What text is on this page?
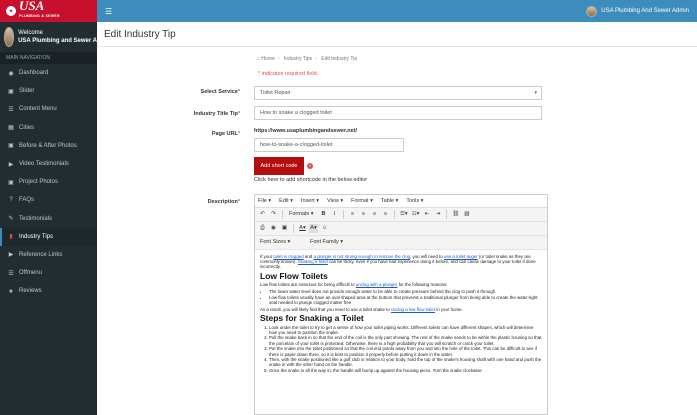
✦ USA
PLUMBING & SEWER
Welcome
USA Plumbing and Sewer A
MAIN NAVIGATION
◉ Dashboard
▣ Slider
☰ Content Menu
▦ Cities
▣ Before & After Photos
▶ Video Testimonials
▣ Project Photos
?	FAQs
✎ Testimonials
▮	Industry Tips
▶ Reference Links
☰ Offmenu
★ Reviews
☰	USA Plumbing And Sewer Admin
Edit Industry Tip
⌂ Home › Industry Tips › Edit Industry Tip
* indicates required field.
Select Service*	Toilet Repair	▾
Industry Title Tip*	How to snake a clogged toilet
Page URL*	https://www.usaplumbingandsewer.net/
how-to-snake-a-clogged-toilet
Add short code	!
Click here to add shortcode in the below editor
Description*	File ▾ Edit ▾ Insert ▾ View ▾ Format ▾ Table ▾ Tools ▾
↶	↷	Formats ▾	B	I	≡	≡	≡	≡	☰▾ ☷▾ ⇤	⇥	⛓ ▧
⎙	◉	▣	A▾ A▾ ☺
Font Sizes ▾	Font Family ▾

If your toilet is clogged and a plunger is not strong enough to remove the clog, you will need to use a toilet auger (or toilet snake as they are commonly known). Snaking a toilet can be tricky, even if you have had experience doing it before, and can cause damage to your toilet if done incorrectly.

Low Flow Toilets

Low flow toilets are notorious for being difficult to unclog with a plunger for the following reasons:

• The lower water level does not provide enough water to be able to create pressure behind the clog to push it through
• Low flow toilets usually have an oval shaped area at the bottom that prevents a traditional plunger from being able to create the water-tight seal needed to plunge clogged matter free

As a result, you will likely find that you need to use a toilet snake to unclog a low flow toilet in your home.

Steps for Snaking a Toilet
1. Look under the toilet to try to get a sense of how your toilet piping works. Different toilets can have different shapes, which will determine how you need to position the snake.
2. Pull the snake back in so that the end of the coil is the only part showing. The rest of the snake needs to be within the plastic housing so that the porcelain of your toilet is protected. Otherwise, there is a high probability that you will scratch or crack your toilet.
3. Put the snake into the toilet positioned so that the coil end points away from you and into the hole of the toilet. This can be difficult to see if there is paper down there, so it is best to position it properly before putting it down in the water.
4. Then, with the snake positioned like a golf club in relation to your body, hold the top of the snake's housing shaft with one hand and push the snake in with the other hand on the handle.
5. Once the snake is all the way in, the handle will bump up against the housing piece. Turn the snake clockwise
